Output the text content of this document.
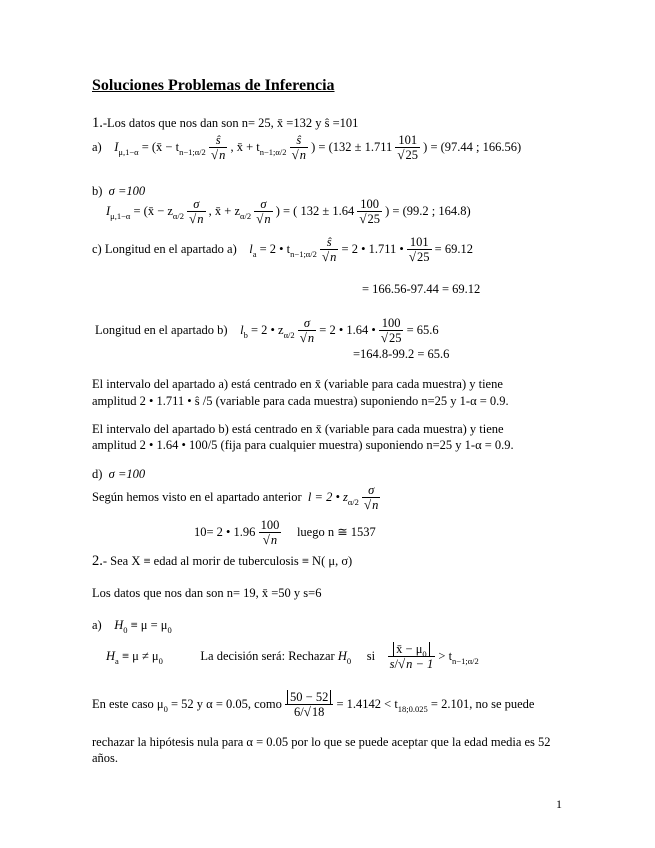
Soluciones Problemas de Inferencia
1.-Los datos que nos dan son n= 25, x̄ =132 y ŝ =101
a) $I_{\mu,1-\alpha}$ = (x̄ − $t_{n-1;\alpha/2} \frac{ŝ}{√n}$ , x̄ + $t_{n-1;\alpha/2} \frac{ŝ}{√n}$ ) = ($132 \pm 1.711 \frac{101}{√25}$ ) = (97.44 ; 166.56)
b) σ =100
$I_{\mu,1-\alpha}$ = (x̄ − $z_{\alpha/2} \frac{\sigma}{√n}$ , x̄ + $z_{\alpha/2} \frac{\sigma}{√n}$ ) = ( $132 \pm 1.64 \frac{100}{√25}$ ) = (99.2 ; 164.8)
c) Longitud en el apartado a) $l_a = 2$ • $t_{n-1;\alpha/2} \frac{ŝ}{√n} = 2$ • 1.711 • $\frac{101}{√25} = 69.12$
= 166.56-97.44 = 69.12
Longitud en el apartado b) $l_b = 2$ • $z_{\alpha/2} \frac{\sigma}{√n} = 2$ • 1.64 • $\frac{100}{√25} = 65.6$
=164.8-99.2 = 65.6
El intervalo del apartado a) está centrado en x̄ (variable para cada muestra) y tiene
amplitud 2 • 1.711 • ŝ /5 (variable para cada muestra) suponiendo n=25 y 1-α = 0.9.
El intervalo del apartado b) está centrado en x̄ (variable para cada muestra) y tiene
amplitud 2 • 1.64 • 100/5 (fija para cualquier muestra) suponiendo n=25 y 1-α = 0.9.
d) σ =100
Según hemos visto en el apartado anterior l = 2 • $z_{\alpha/2} \frac{\sigma}{√n}$
10= 2 • $1.96 \frac{100}{√n}$ luego n ≅ 1537
2.- Sea X ≡ edad al morir de tuberculosis ≡ N( μ, σ)
Los datos que nos dan son n= 19, x̄ =50 y s=6
a) $H_0 \equiv \mu = \mu_0$
$H_a \equiv \mu \ne \mu_0$	La decisión será: Rechazar $H_0$ si $\frac{x̄ - \mu_0}{s/√n - 1} > t_{n-1;\alpha/2}$
En este caso $\mu_0 = 52$ y α = 0.05, como $\frac{50 - 52}{6/√18} = 1.4142 < t_{18;0.025} = 2.101$, no se puede
rechazar la hipótesis nula para α = 0.05 por lo que se puede aceptar que la edad media es 52
años.
1
